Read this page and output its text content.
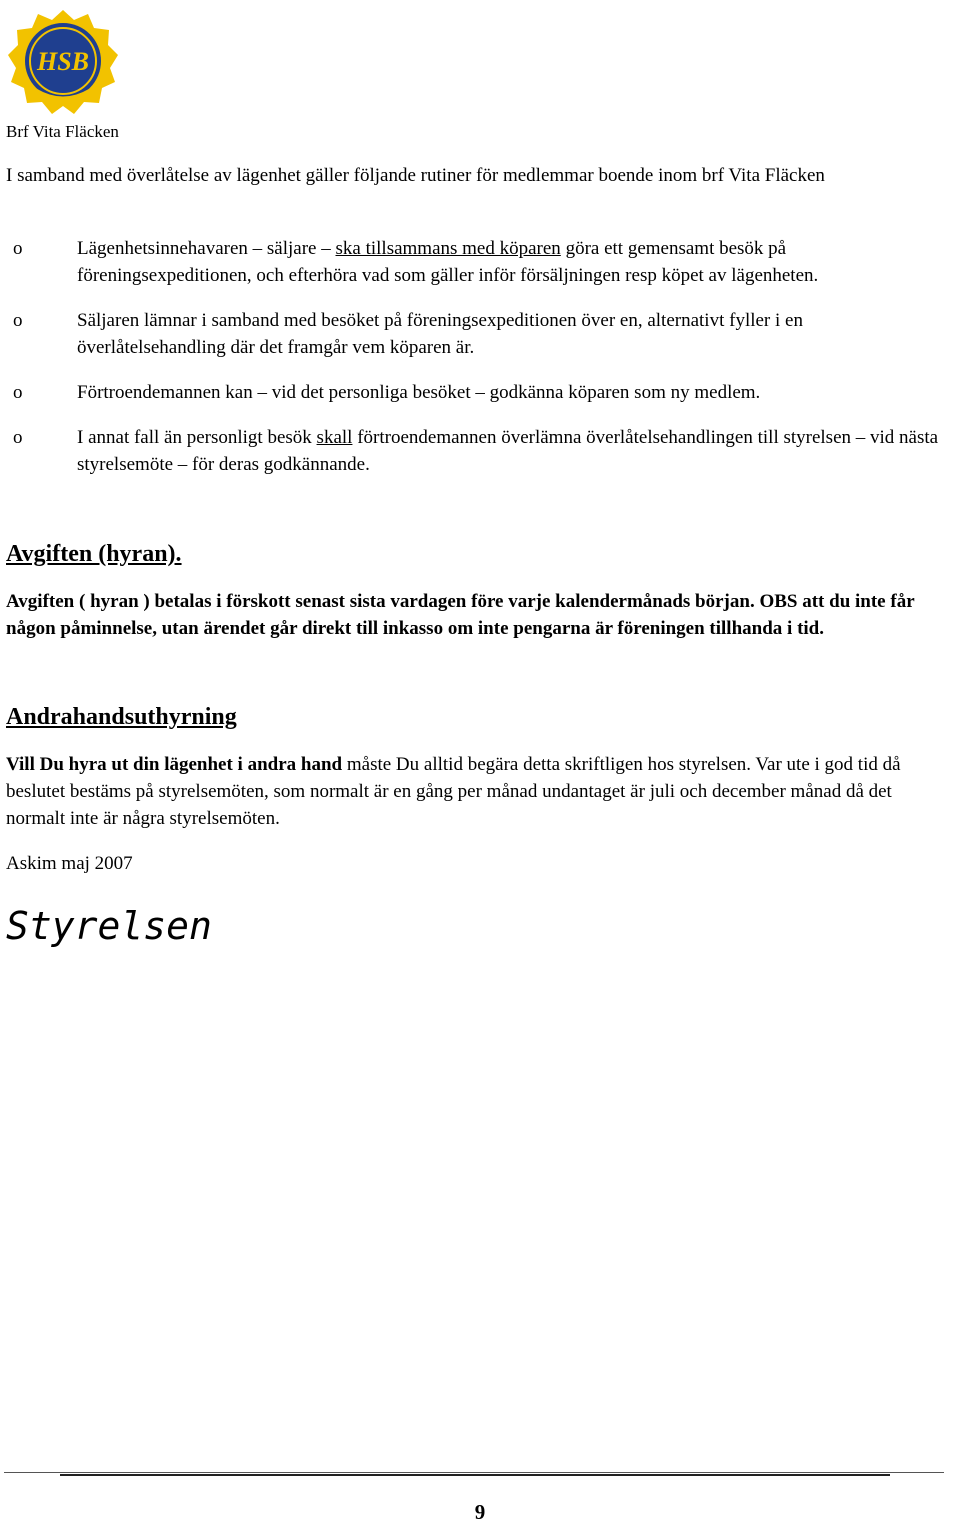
HSB
Brf Vita Fläcken
I samband med överlåtelse av lägenhet gäller följande rutiner för medlemmar boende inom brf Vita Fläcken
o	Lägenhetsinnehavaren – säljare – ska tillsammans med köparen göra ett gemensamt besök på föreningsexpeditionen, och efterhöra vad som gäller inför försäljningen resp köpet av lägenheten.
o	Säljaren lämnar i samband med besöket på föreningsexpeditionen över en, alternativt fyller i en överlåtelsehandling där det framgår vem köparen är.
o	Förtroendemannen kan – vid det personliga besöket – godkänna köparen som ny medlem.
o	I annat fall än personligt besök skall förtroendemannen överlämna överlåtelsehandlingen till styrelsen – vid nästa styrelsemöte – för deras godkännande.
Avgiften (hyran).
Avgiften ( hyran ) betalas i förskott senast sista vardagen före varje kalendermånads början. OBS att du inte får någon påminnelse, utan ärendet går direkt till inkasso om inte pengarna är föreningen tillhanda i tid.
Andrahandsuthyrning
Vill Du hyra ut din lägenhet i andra hand måste Du alltid begära detta skriftligen hos styrelsen. Var ute i god tid då beslutet bestäms på styrelsemöten, som normalt är en gång per månad undantaget är juli och december månad då det normalt inte är några styrelsemöten.
Askim maj 2007
Styrelsen
9
